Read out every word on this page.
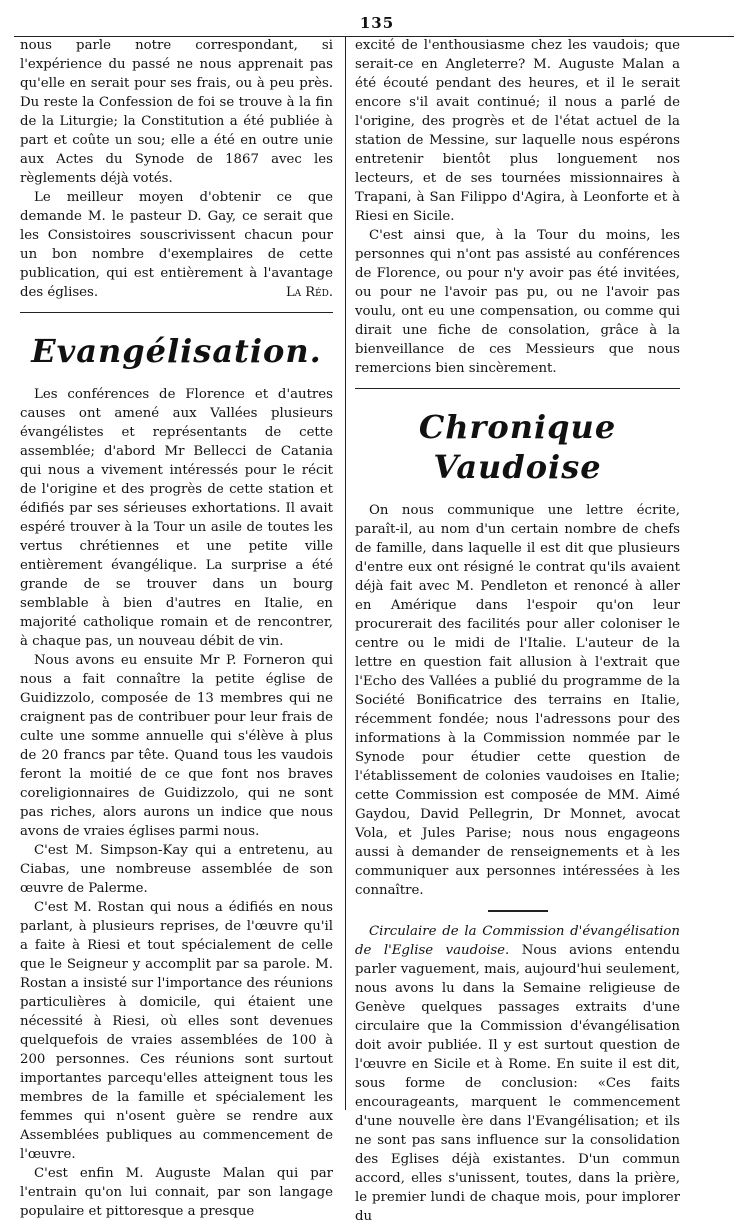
135

nous parle notre correspondant, si l'expérience du passé ne nous apprenait pas qu'elle en serait pour ses frais, ou à peu près. Du reste la Confession de foi se trouve à la fin de la Liturgie; la Constitution a été publiée à part et coûte un sou; elle a été en outre unie aux Actes du Synode de 1867 avec les règlements déjà votés.

Le meilleur moyen d'obtenir ce que demande M. le pasteur D. Gay, ce serait que les Consistoires souscrivissent chacun pour un bon nombre d'exemplaires de cette publication, qui est entièrement à l'avantage des églises.	La Réd.
Evangélisation.

Les conférences de Florence et d'autres causes ont amené aux Vallées plusieurs évangélistes et représentants de cette assemblée; d'abord Mr Bellecci de Catania qui nous a vivement intéressés pour le récit de l'origine et des progrès de cette station et édifiés par ses sérieuses exhortations. Il avait espéré trouver à la Tour un asile de toutes les vertus chrétiennes et une petite ville entièrement évangélique. La surprise a été grande de se trouver dans un bourg semblable à bien d'autres en Italie, en majorité catholique romain et de rencontrer, à chaque pas, un nouveau débit de vin.

Nous avons eu ensuite Mr P. Forneron qui nous a fait connaître la petite église de Guidizzolo, composée de 13 membres qui ne craignent pas de contribuer pour leur frais de culte une somme annuelle qui s'élève à plus de 20 francs par tête. Quand tous les vaudois feront la moitié de ce que font nos braves coreligionnaires de Guidizzolo, qui ne sont pas riches, alors aurons un indice que nous avons de vraies églises parmi nous.

C'est M. Simpson-Kay qui a entretenu, au Ciabas, une nombreuse assemblée de son œuvre de Palerme.

C'est M. Rostan qui nous a édifiés en nous parlant, à plusieurs reprises, de l'œuvre qu'il a faite à Riesi et tout spécialement de celle que le Seigneur y accomplit par sa parole. M. Rostan a insisté sur l'importance des réunions particulières à domicile, qui étaient une nécessité à Riesi, où elles sont devenues quelquefois de vraies assemblées de 100 à 200 personnes. Ces réunions sont surtout importantes parcequ'elles atteignent tous les membres de la famille et spécialement les femmes qui n'osent guère se rendre aux Assemblées publiques au commencement de l'œuvre.

C'est enfin M. Auguste Malan qui par l'entrain qu'on lui connait, par son langage populaire et pittoresque a presque

excité de l'enthousiasme chez les vaudois; que serait-ce en Angleterre? M. Auguste Malan a été écouté pendant des heures, et il le serait encore s'il avait continué; il nous a parlé de l'origine, des progrès et de l'état actuel de la station de Messine, sur laquelle nous espérons entretenir bientôt plus longuement nos lecteurs, et de ses tournées missionnaires à Trapani, à San Filippo d'Agira, à Leonforte et à Riesi en Sicile.

C'est ainsi que, à la Tour du moins, les personnes qui n'ont pas assisté au conférences de Florence, ou pour n'y avoir pas été invitées, ou pour ne l'avoir pas pu, ou ne l'avoir pas voulu, ont eu une compensation, ou comme qui dirait une fiche de consolation, grâce à la bienveillance de ces Messieurs que nous remercions bien sincèrement.

Chronique Vaudoise

On nous communique une lettre écrite, paraît-il, au nom d'un certain nombre de chefs de famille, dans laquelle il est dit que plusieurs d'entre eux ont résigné le contrat qu'ils avaient déjà fait avec M. Pendleton et renoncé à aller en Amérique dans l'espoir qu'on leur procurerait des facilités pour aller coloniser le centre ou le midi de l'Italie. L'auteur de la lettre en question fait allusion à l'extrait que l'Echo des Vallées a publié du programme de la Société Bonificatrice des terrains en Italie, récemment fondée; nous l'adressons pour des informations à la Commission nommée par le Synode pour étudier cette question de l'établissement de colonies vaudoises en Italie; cette Commission est composée de MM. Aimé Gaydou, David Pellegrin, Dr Monnet, avocat Vola, et Jules Parise; nous nous engageons aussi à demander de renseignements et à les communiquer aux personnes intéressées à les connaître.

Circulaire de la Commission d'évangélisation de l'Eglise vaudoise. Nous avions entendu parler vaguement, mais, aujourd'hui seulement, nous avons lu dans la Semaine religieuse de Genève quelques passages extraits d'une circulaire que la Commission d'évangélisation doit avoir publiée. Il y est surtout question de l'œuvre en Sicile et à Rome. En suite il est dit, sous forme de conclusion: «Ces faits encourageants, marquent le commencement d'une nouvelle ère dans l'Evangélisation; et ils ne sont pas sans influence sur la consolidation des Eglises déjà existantes. D'un commun accord, elles s'unissent, toutes, dans la prière, le premier lundi de chaque mois, pour implorer du
